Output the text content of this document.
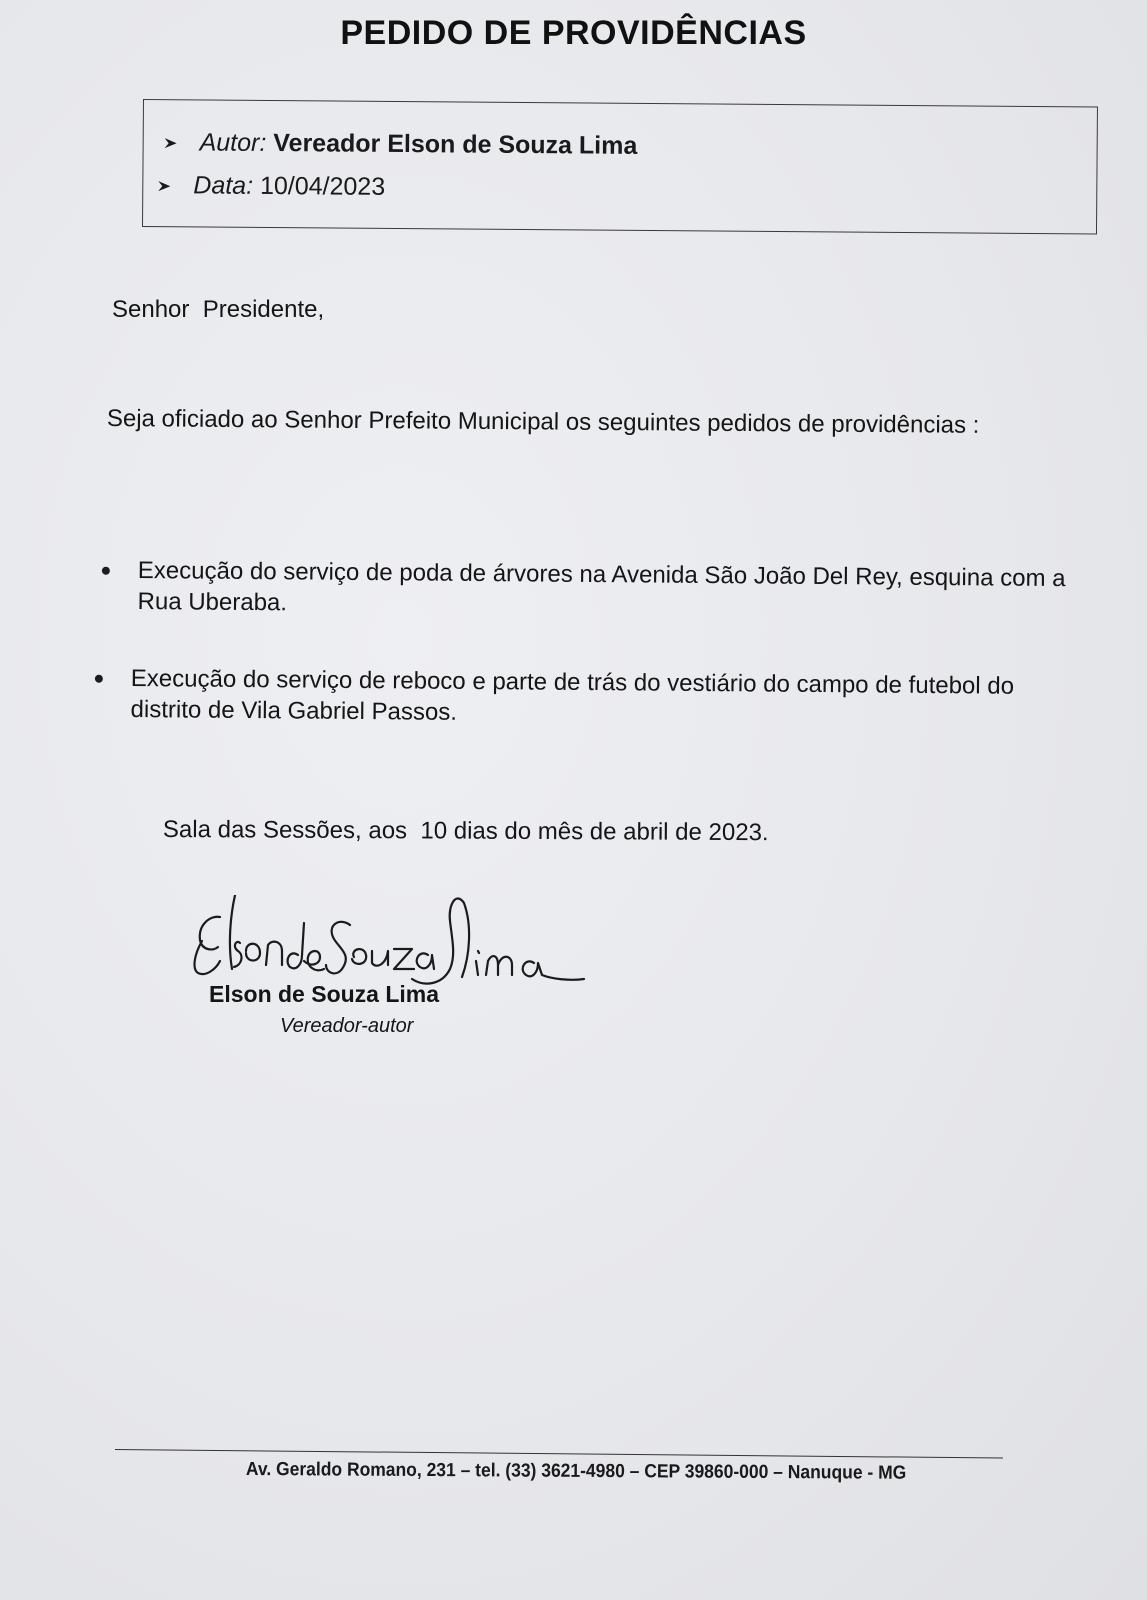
PEDIDO DE PROVIDÊNCIAS
Autor: Vereador Elson de Souza Lima
Data: 10/04/2023
Senhor  Presidente,
Seja oficiado ao Senhor Prefeito Municipal os seguintes pedidos de providências :
Execução do serviço de poda de árvores na Avenida São João Del Rey, esquina com a Rua Uberaba.
Execução do serviço de reboco e parte de trás do vestiário do campo de futebol do distrito de Vila Gabriel Passos.
Sala das Sessões, aos  10 dias do mês de abril de 2023.
Elson de Souza Lima
Vereador-autor
Av. Geraldo Romano, 231 – tel. (33) 3621-4980 – CEP 39860-000 – Nanuque - MG
